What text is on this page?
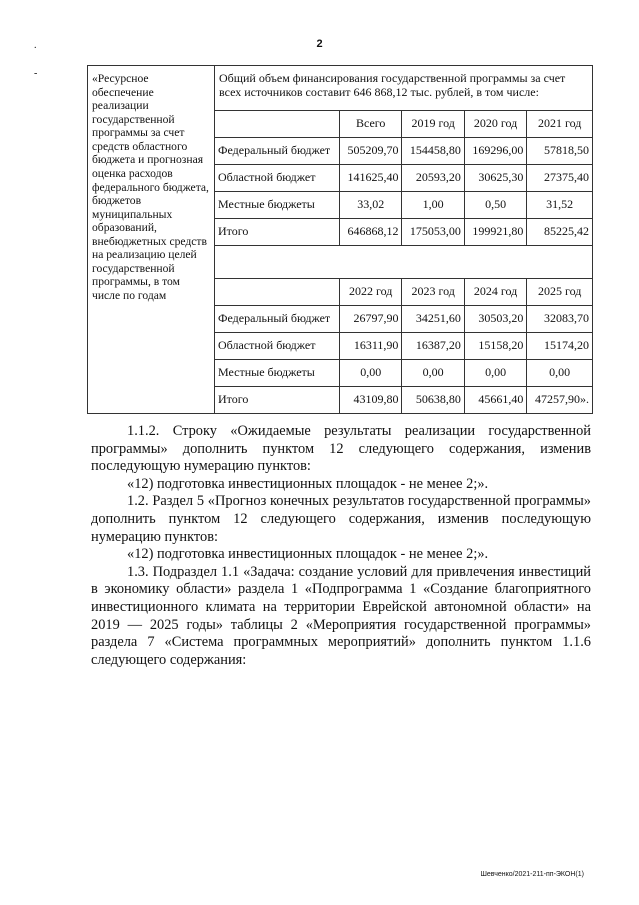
2
.
-	«Ресурсное обеспечение реализации государственной программы за счет средств областного бюджета и прогнозная оценка расходов федерального бюджета, бюджетов муниципальных образований, внебюджетных средств на реализацию целей государственной программы, в том числе по годам	
Общий объем финансирования государственной программы за счет всех источников составит 646 868,12 тыс. рублей, в том числе:
	Всего	2019 год	2020 год	2021 год
Федеральный бюджет	505209,70	154458,80	169296,00	57818,50
Областной бюджет	141625,40	20593,20	30625,30	27375,40
Местные бюджеты	33,02	1,00	0,50	31,52
Итого	646868,12	175053,00	199921,80	85225,42

	2022 год	2023 год	2024 год	2025 год
Федеральный бюджет	26797,90	34251,60	30503,20	32083,70
Областной бюджет	16311,90	16387,20	15158,20	15174,20
Местные бюджеты	0,00	0,00	0,00	0,00
Итого	43109,80	50638,80	45661,40	47257,90».

1.1.2. Строку «Ожидаемые результаты реализации государственной программы» дополнить пунктом 12 следующего содержания, изменив последующую нумерацию пунктов:

«12) подготовка инвестиционных площадок - не менее 2;».

1.2. Раздел 5 «Прогноз конечных результатов государственной программы» дополнить пунктом 12 следующего содержания, изменив последующую нумерацию пунктов:

«12) подготовка инвестиционных площадок - не менее 2;».

1.3. Подраздел 1.1 «Задача: создание условий для привлечения инвестиций в экономику области» раздела 1 «Подпрограмма 1 «Создание благоприятного инвестиционного климата на территории Еврейской автономной области» на 2019 — 2025 годы» таблицы 2 «Мероприятия государственной программы» раздела 7 «Система программных мероприятий» дополнить пунктом 1.1.6 следующего содержания:

Шевченко/2021-211-пп-ЭКОН(1)
